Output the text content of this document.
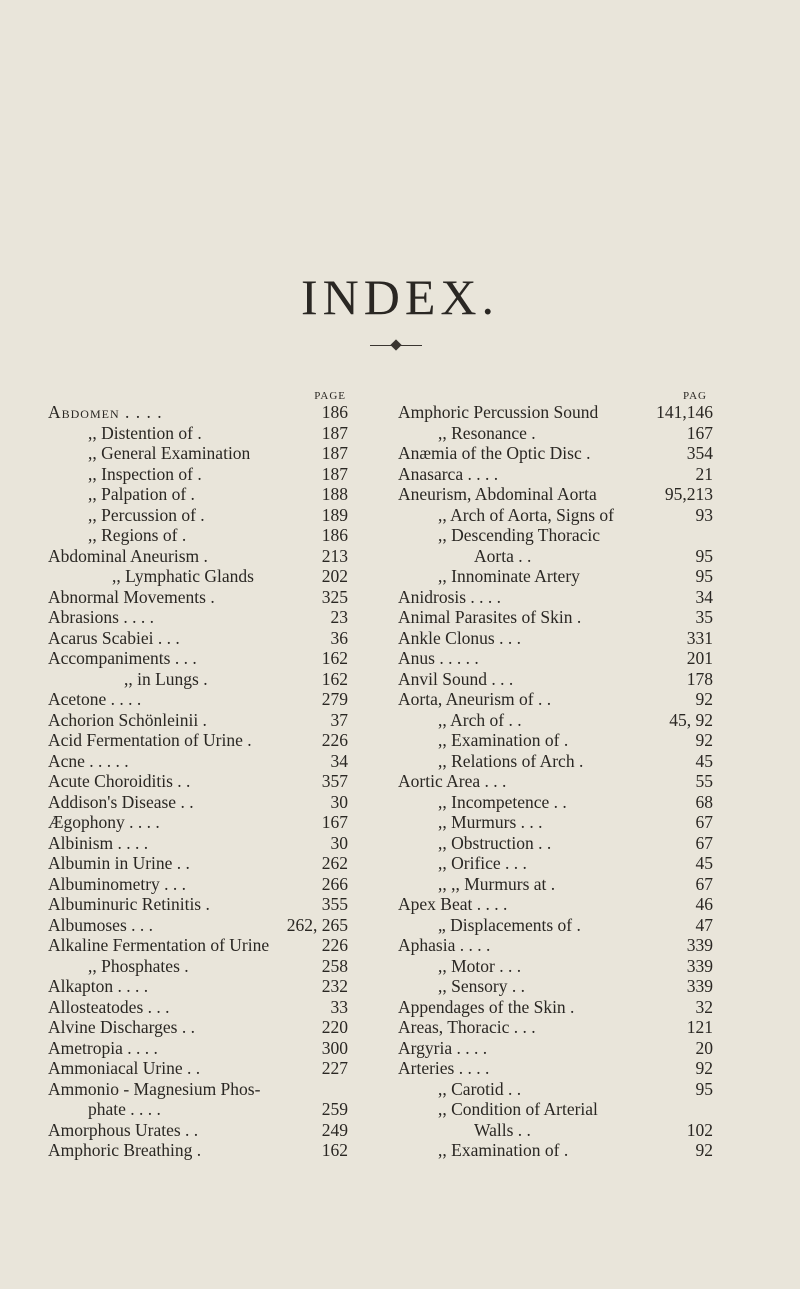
INDEX.
PAGE
Abdomen . . . .	186
,, Distention of .	187
,, General Examination	187
,, Inspection of .	187
,, Palpation of .	188
,, Percussion of .	189
,, Regions of .	186
Abdominal Aneurism .	213
,, Lymphatic Glands	202
Abnormal Movements .	325
Abrasions . . . .	23
Acarus Scabiei . . .	36
Accompaniments . . .	162
,, in Lungs .	162
Acetone . . . .	279
Achorion Schönleinii .	37
Acid Fermentation of Urine .	226
Acne . . . . .	34
Acute Choroiditis . .	357
Addison's Disease . .	30
Ægophony . . . .	167
Albinism . . . .	30
Albumin in Urine . .	262
Albuminometry . . .	266
Albuminuric Retinitis .	355
Albumoses . . .	262, 265
Alkaline Fermentation of Urine	226
,, Phosphates .	258
Alkapton . . . .	232
Allosteatodes . . .	33
Alvine Discharges . .	220
Ametropia . . . .	300
Ammoniacal Urine . .	227
Ammonio - Magnesium Phos-
phate . . . .	259
Amorphous Urates . .	249
Amphoric Breathing .	162
PAG
Amphoric Percussion Sound	141,146
,, Resonance .	167
Anæmia of the Optic Disc .	354
Anasarca . . . .	21
Aneurism, Abdominal Aorta	95,213
,, Arch of Aorta, Signs of	93
,, Descending Thoracic
Aorta . .	95
,, Innominate Artery	95
Anidrosis . . . .	34
Animal Parasites of Skin .	35
Ankle Clonus . . .	331
Anus . . . . .	201
Anvil Sound . . .	178
Aorta, Aneurism of . .	92
,, Arch of . .	45, 92
,, Examination of .	92
,, Relations of Arch .	45
Aortic Area . . .	55
,, Incompetence . .	68
,, Murmurs . . .	67
,, Obstruction . .	67
,, Orifice . . .	45
,, ,, Murmurs at .	67
Apex Beat . . . .	46
„ Displacements of .	47
Aphasia . . . .	339
,, Motor . . .	339
,, Sensory . .	339
Appendages of the Skin .	32
Areas, Thoracic . . .	121
Argyria . . . .	20
Arteries . . . .	92
,, Carotid . .	95
,, Condition of Arterial
Walls . .	102
,, Examination of .	92
